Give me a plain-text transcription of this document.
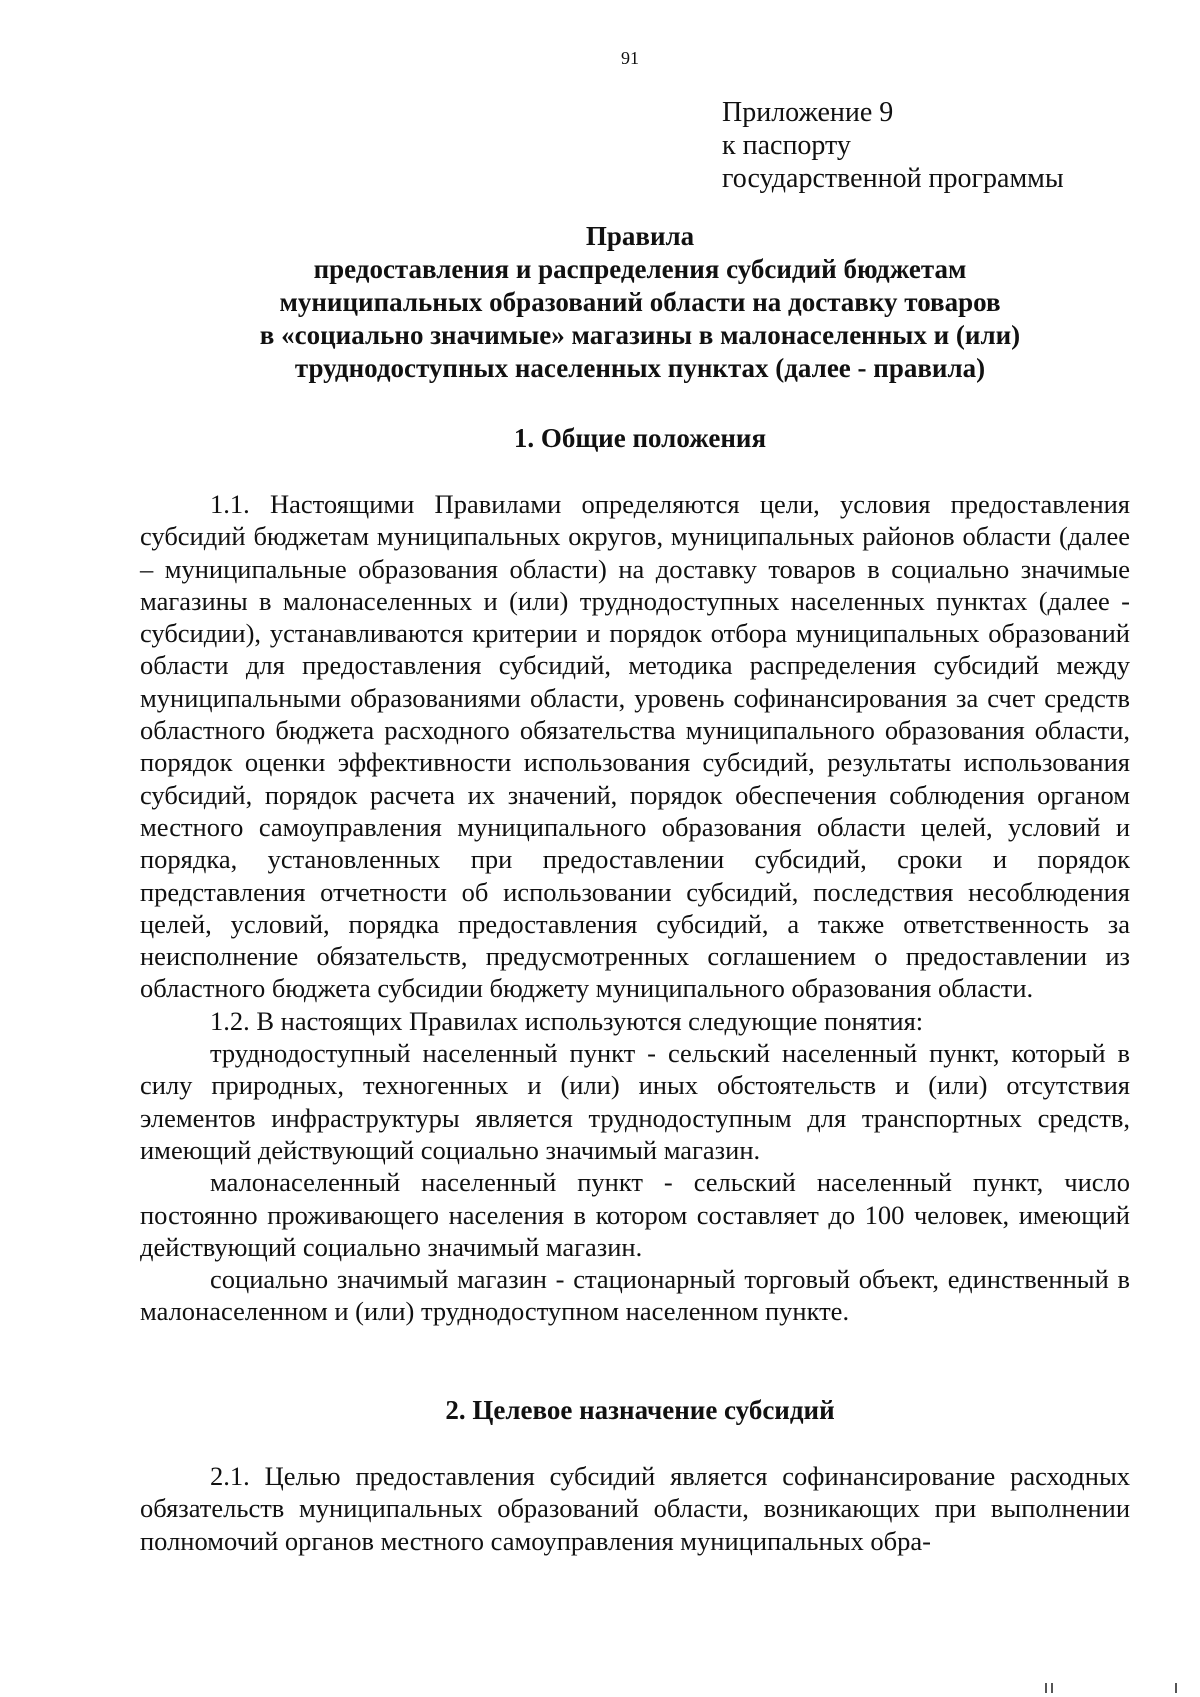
91
Приложение 9
к паспорту
государственной программы
Правила
предоставления и распределения субсидий бюджетам
муниципальных образований области на доставку товаров
в «социально значимые» магазины в малонаселенных и (или)
труднодоступных населенных пунктах (далее - правила)
1. Общие положения

1.1. Настоящими Правилами определяются цели, условия предоставления субсидий бюджетам муниципальных округов, муниципальных районов области (далее – муниципальные образования области) на доставку товаров в социально значимые магазины в малонаселенных и (или) труднодоступных населенных пунктах (далее - субсидии), устанавливаются критерии и порядок отбора муниципальных образований области для предоставления субсидий, методика распределения субсидий между муниципальными образованиями области, уровень софинансирования за счет средств областного бюджета расходного обязательства муниципального образования области, порядок оценки эффективности использования субсидий, результаты использования субсидий, порядок расчета их значений, порядок обеспечения соблюдения органом местного самоуправления муниципального образования области целей, условий и порядка, установленных при предоставлении субсидий, сроки и порядок представления отчетности об использовании субсидий, последствия несоблюдения целей, условий, порядка предоставления субсидий, а также ответственность за неисполнение обязательств, предусмотренных соглашением о предоставлении из областного бюджета субсидии бюджету муниципального образования области.

1.2. В настоящих Правилах используются следующие понятия:

труднодоступный населенный пункт - сельский населенный пункт, который в силу природных, техногенных и (или) иных обстоятельств и (или) отсутствия элементов инфраструктуры является труднодоступным для транспортных средств, имеющий действующий социально значимый магазин.

малонаселенный населенный пункт - сельский населенный пункт, число постоянно проживающего населения в котором составляет до 100 человек, имеющий действующий социально значимый магазин.

социально значимый магазин - стационарный торговый объект, единственный в малонаселенном и (или) труднодоступном населенном пункте.

2. Целевое назначение субсидий

2.1. Целью предоставления субсидий является софинансирование расходных обязательств муниципальных образований области, возникающих при выполнении полномочий органов местного самоуправления муниципальных обра-
